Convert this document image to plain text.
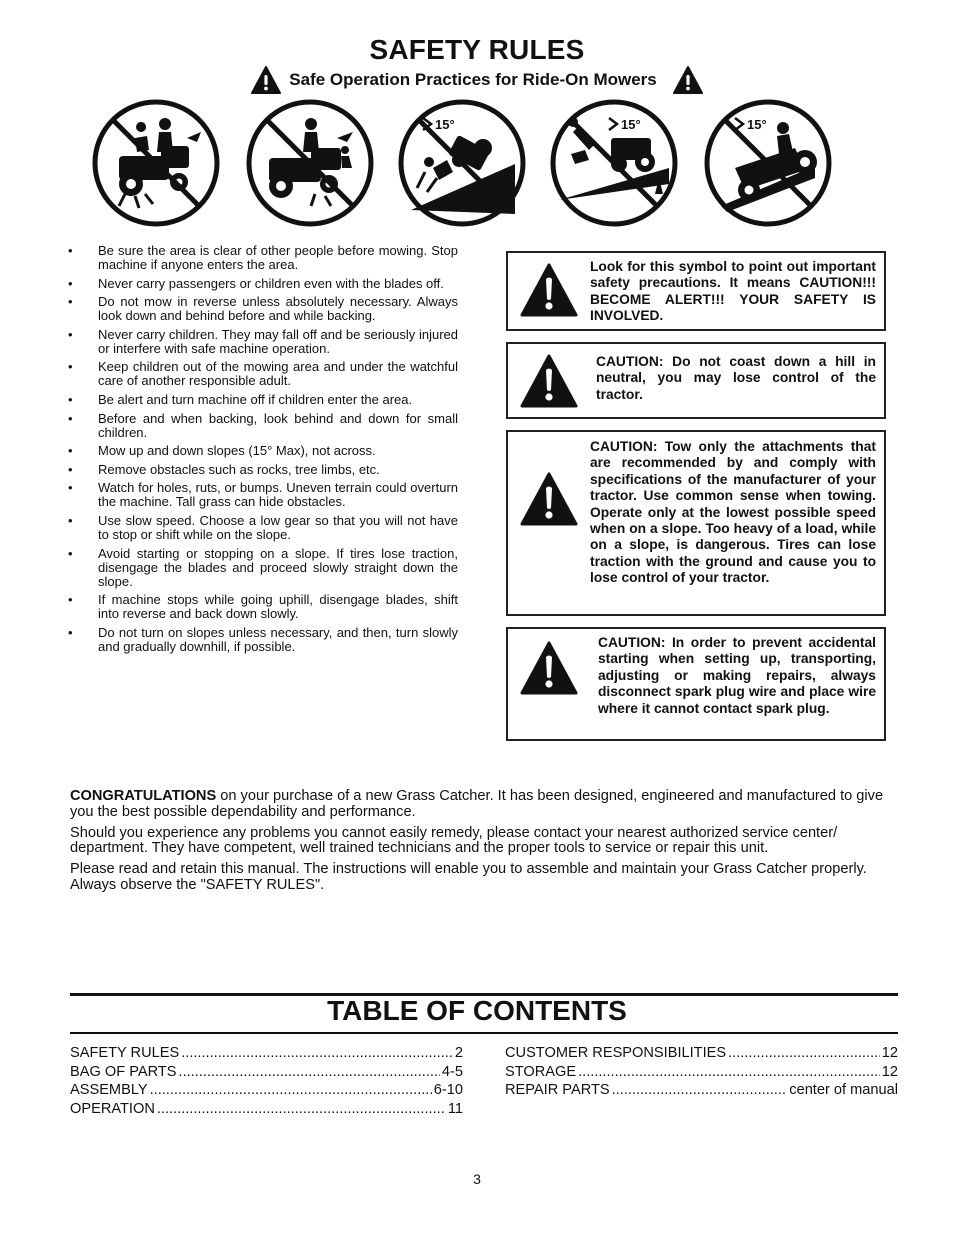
SAFETY RULES
Safe Operation Practices for Ride-On Mowers
15°	15°	15°
• Be sure the area is clear of other people before mowing. Stop machine if anyone enters the area.
• Never carry passengers or children even with the blades off.
• Do not mow in reverse unless absolutely necessary. Always look down and behind before and while backing.
• Never carry children. They may fall off and be seriously injured or interfere with safe machine operation.
• Keep children out of the mowing area and under the watchful care of another responsible adult.
• Be alert and turn machine off if children enter the area.
• Before and when backing, look behind and down for small children.
• Mow up and down slopes (15° Max), not across.
• Remove obstacles such as rocks, tree limbs, etc.
• Watch for holes, ruts, or bumps. Uneven terrain could overturn the machine. Tall grass can hide obstacles.
• Use slow speed. Choose a low gear so that you will not have to stop or shift while on the slope.
• Avoid starting or stopping on a slope. If tires lose traction, disengage the blades and proceed slowly straight down the slope.
• If machine stops while going uphill, disengage blades, shift into reverse and back down slowly.
• Do not turn on slopes unless necessary, and then, turn slowly and gradually downhill, if possible.
Look for this symbol to point out important safety precautions. It means CAUTION!!! BECOME ALERT!!! YOUR SAFETY IS INVOLVED.
CAUTION: Do not coast down a hill in neutral, you may lose control of the tractor.
CAUTION: Tow only the attachments that are recommended by and comply with specifications of the manufacturer of your tractor. Use common sense when towing. Operate only at the lowest possible speed when on a slope. Too heavy of a load, while on a slope, is dangerous. Tires can lose traction with the ground and cause you to lose control of your tractor.
CAUTION: In order to prevent accidental starting when setting up, transporting, adjusting or making repairs, always disconnect spark plug wire and place wire where it cannot contact spark plug.

CONGRATULATIONS on your purchase of a new Grass Catcher. It has been designed, engineered and manufactured to give you the best possible dependability and performance.

Should you experience any problems you cannot easily remedy, please contact your nearest authorized service center/ department. They have competent, well trained technicians and the proper tools to service or repair this unit.

Please read and retain this manual. The instructions will enable you to assemble and maintain your Grass Catcher properly. Always observe the "SAFETY RULES".

TABLE OF CONTENTS
SAFETY RULES .....	2
BAG OF PARTS .....	4-5
ASSEMBLY .....	6-10
OPERATION .....	11
CUSTOMER RESPONSIBILITIES .....	12
STORAGE .....	12
REPAIR PARTS .....	center of manual
3
